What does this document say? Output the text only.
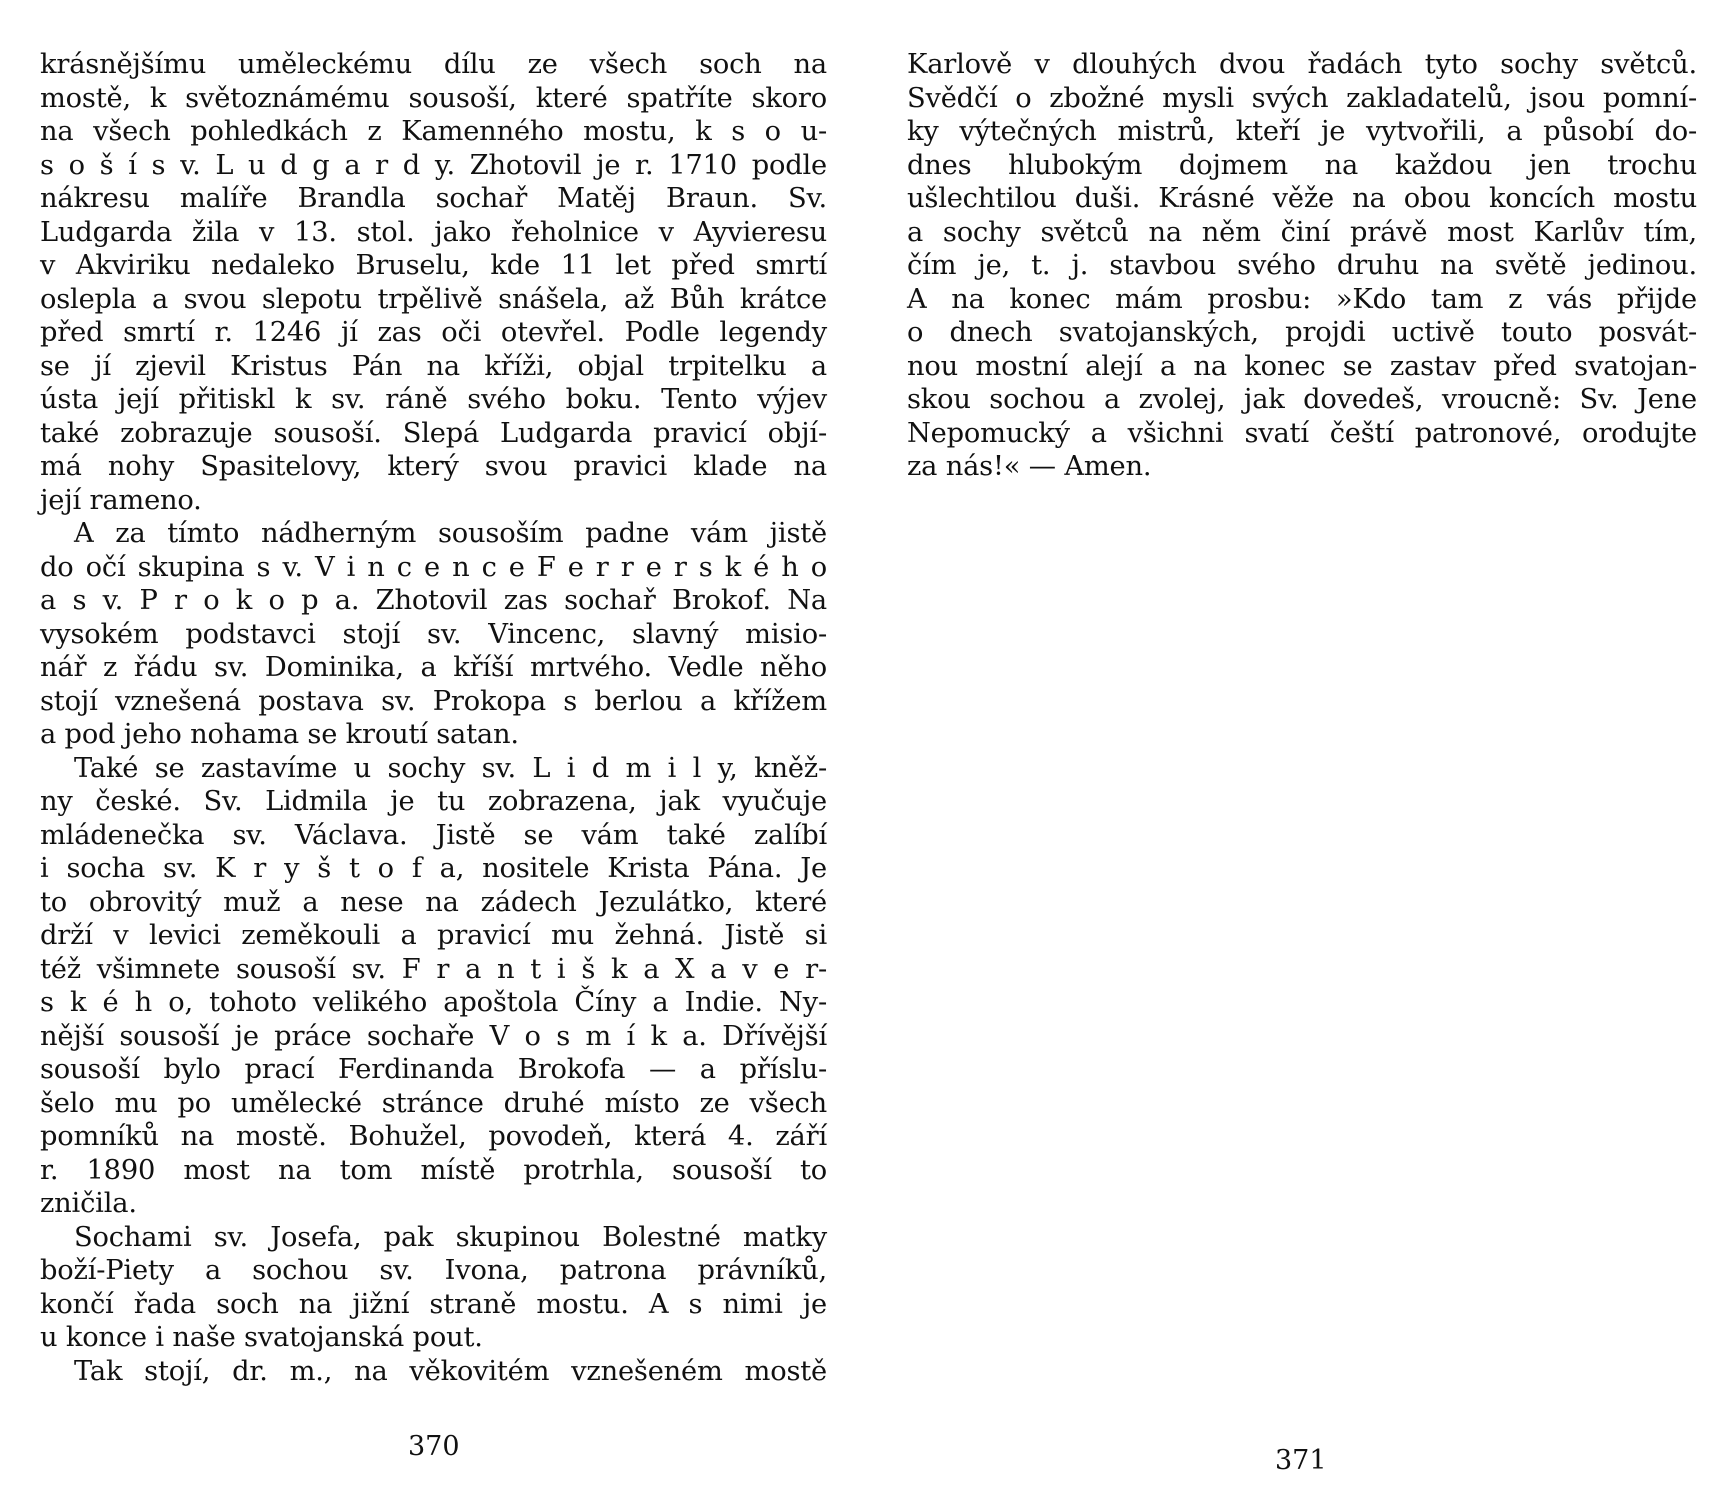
krásnějšímu uměleckému dílu ze všech soch na
mostě, k světoznámému sousoší, které spatříte skoro
na všech pohledkách z Kamenného mostu, k s o u-
s o š í s v. L u d g a r d y. Zhotovil je r. 1710 podle
nákresu malíře Brandla sochař Matěj Braun. Sv.
Ludgarda žila v 13. stol. jako řeholnice v Ayvieresu
v Akviriku nedaleko Bruselu, kde 11 let před smrtí
oslepla a svou slepotu trpělivě snášela, až Bůh krátce
před smrtí r. 1246 jí zas oči otevřel. Podle legendy
se jí zjevil Kristus Pán na kříži, objal trpitelku a
ústa její přitiskl k sv. ráně svého boku. Tento výjev
také zobrazuje sousoší. Slepá Ludgarda pravicí objí-
má nohy Spasitelovy, který svou pravici klade na
její rameno.
A za tímto nádherným sousoším padne vám jistě
do očí skupina s v. V i n c e n c e F e r r e r s k é h o
a s v. P r o k o p a. Zhotovil zas sochař Brokof. Na
vysokém podstavci stojí sv. Vincenc, slavný misio-
nář z řádu sv. Dominika, a kříší mrtvého. Vedle něho
stojí vznešená postava sv. Prokopa s berlou a křížem
a pod jeho nohama se kroutí satan.
Také se zastavíme u sochy sv. L i d m i l y, kněž-
ny české. Sv. Lidmila je tu zobrazena, jak vyučuje
mládenečka sv. Václava. Jistě se vám také zalíbí
i socha sv. K r y š t o f a, nositele Krista Pána. Je
to obrovitý muž a nese na zádech Jezulátko, které
drží v levici zeměkouli a pravicí mu žehná. Jistě si
též všimnete sousoší sv. F r a n t i š k a X a v e r-
s k é h o, tohoto velikého apoštola Číny a Indie. Ny-
nější sousoší je práce sochaře V o s m í k a. Dřívější
sousoší bylo prací Ferdinanda Brokofa — a příslu-
šelo mu po umělecké stránce druhé místo ze všech
pomníků na mostě. Bohužel, povodeň, která 4. září
r. 1890 most na tom místě protrhla, sousoší to
zničila.
Sochami sv. Josefa, pak skupinou Bolestné matky
boží-Piety a sochou sv. Ivona, patrona právníků,
končí řada soch na jižní straně mostu. A s nimi je
u konce i naše svatojanská pout.
Tak stojí, dr. m., na věkovitém vznešeném mostě
370
Karlově v dlouhých dvou řadách tyto sochy světců.
Svědčí o zbožné mysli svých zakladatelů, jsou pomní-
ky výtečných mistrů, kteří je vytvořili, a působí do-
dnes hlubokým dojmem na každou jen trochu
ušlechtilou duši. Krásné věže na obou koncích mostu
a sochy světců na něm činí právě most Karlův tím,
čím je, t. j. stavbou svého druhu na světě jedinou.
A na konec mám prosbu: »Kdo tam z vás přijde
o dnech svatojanských, projdi uctivě touto posvát-
nou mostní alejí a na konec se zastav před svatojan-
skou sochou a zvolej, jak dovedeš, vroucně: Sv. Jene
Nepomucký a všichni svatí čeští patronové, orodujte
za nás!« — Amen.
371
